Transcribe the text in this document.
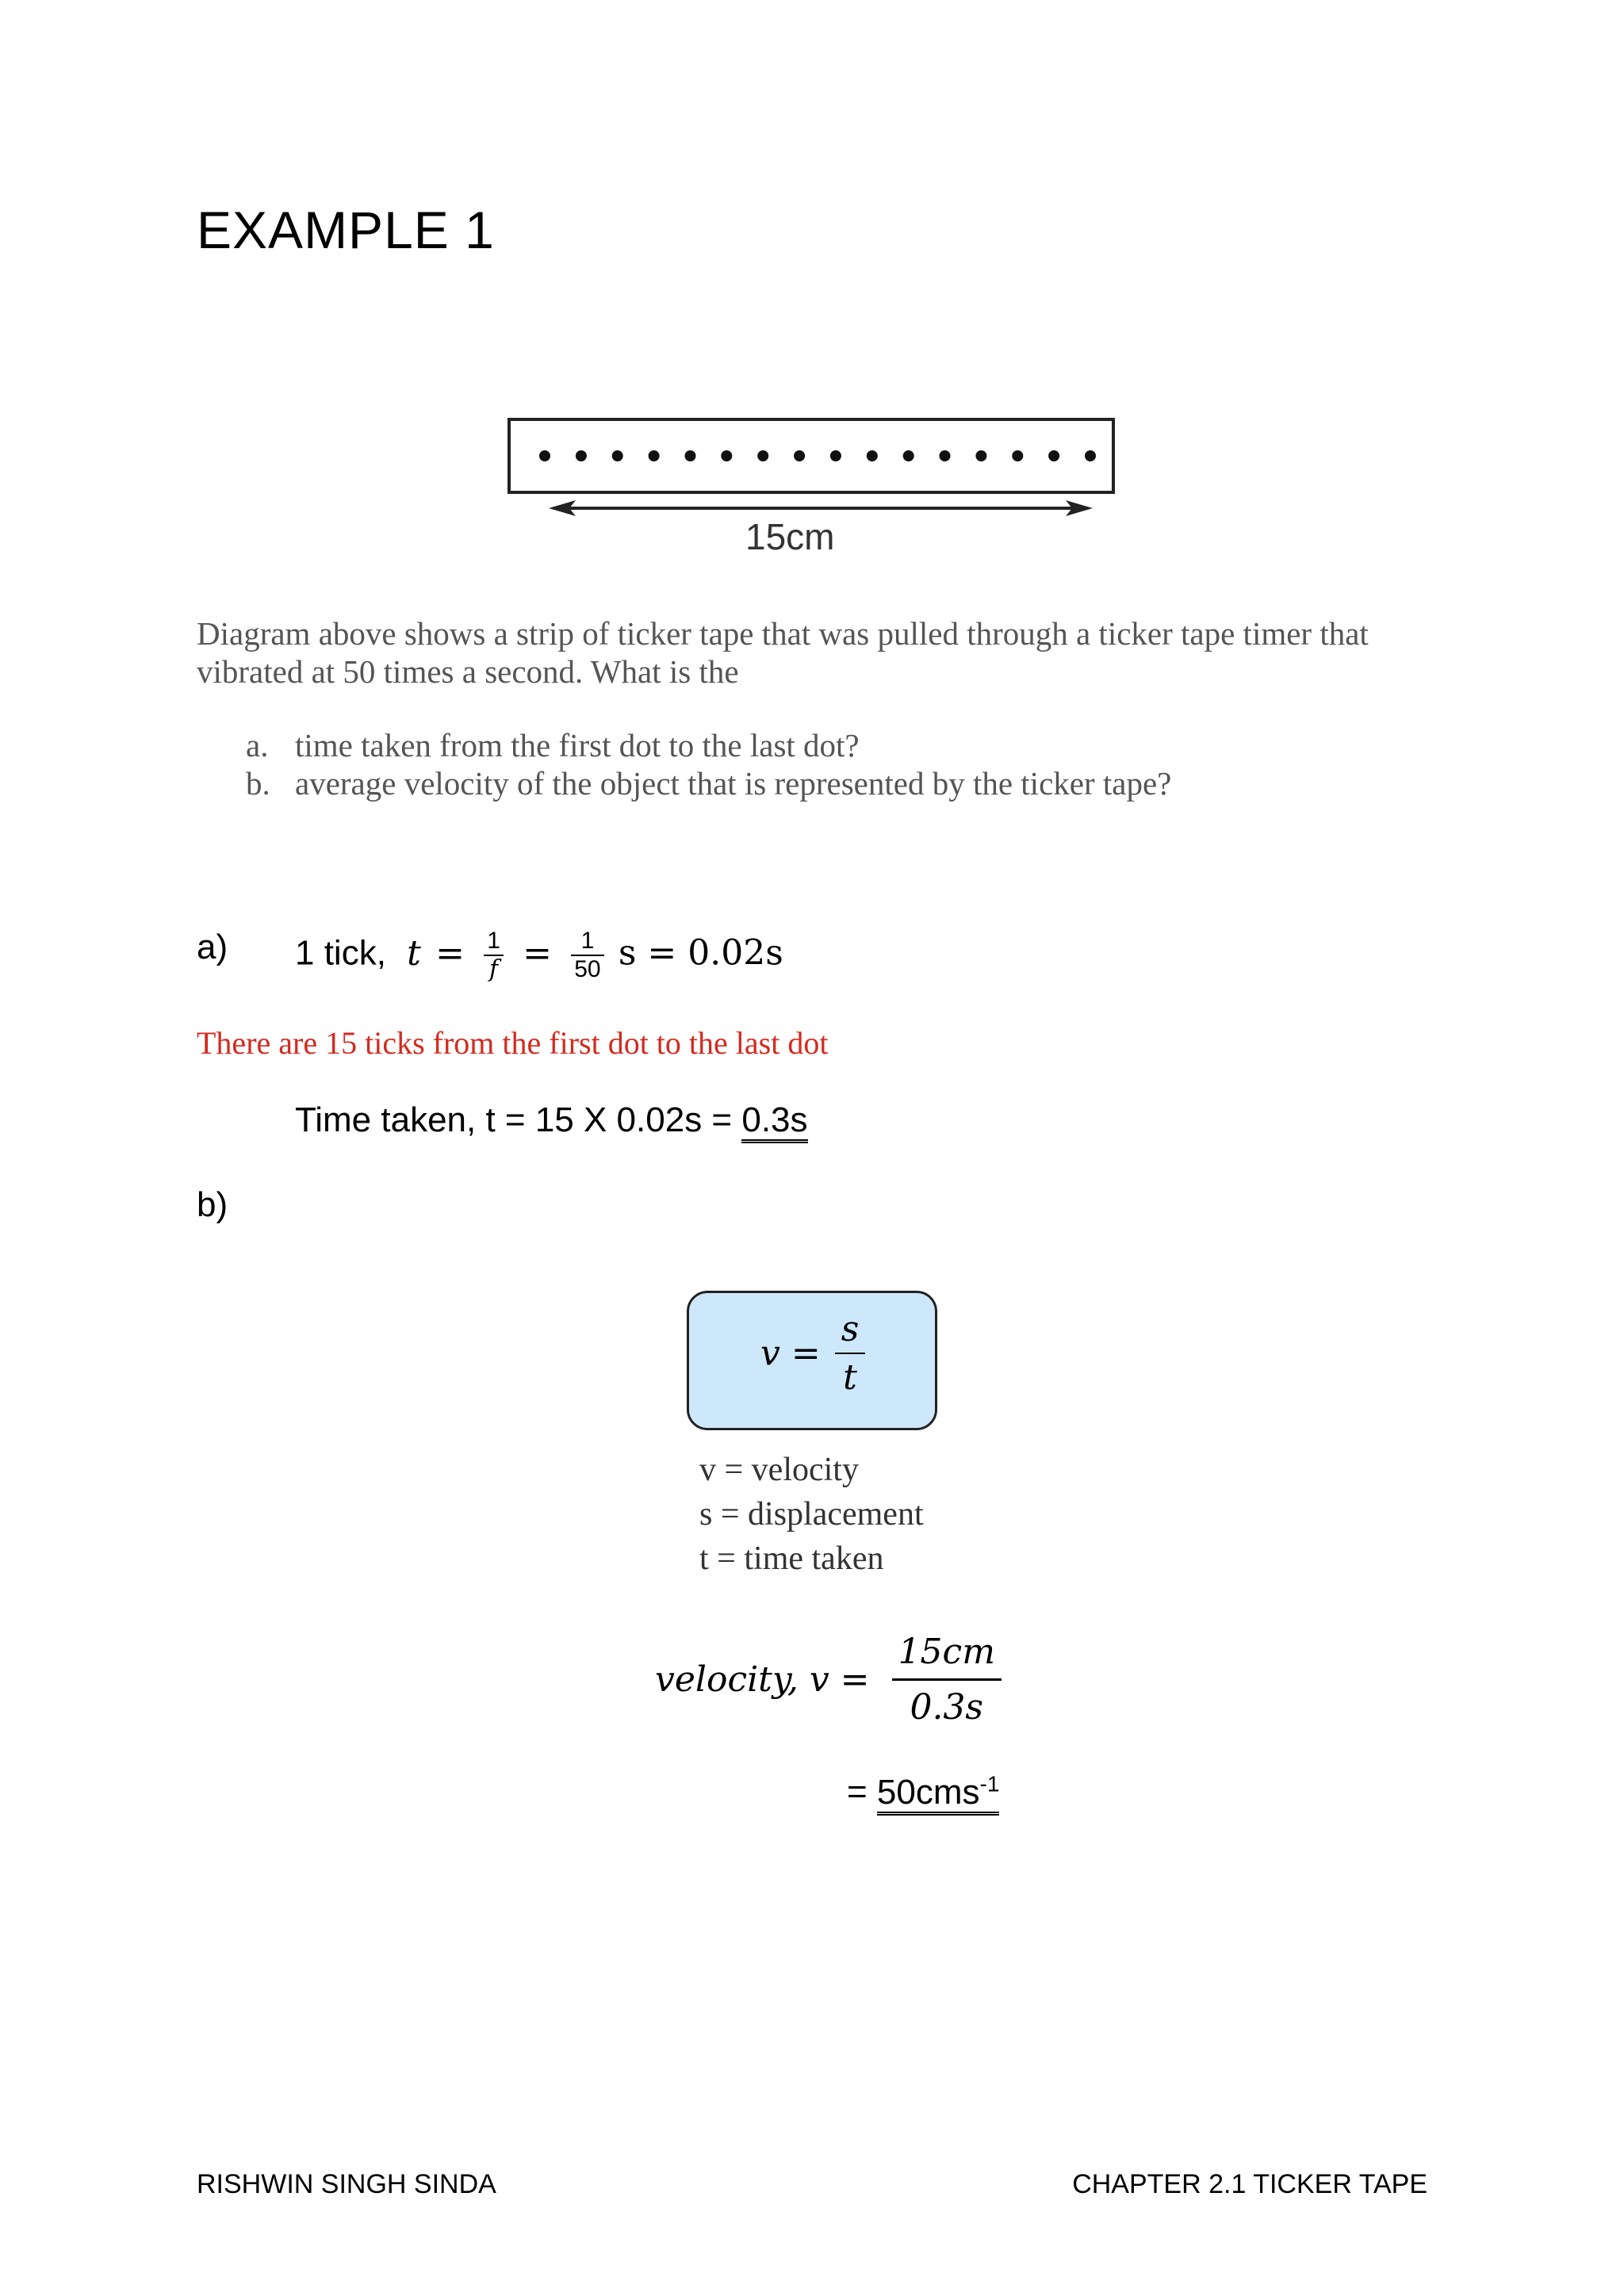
EXAMPLE 1
15cm
Diagram above shows a strip of ticker tape that was pulled through a ticker tape timer that vibrated at 50 times a second. What is the
a. time taken from the first dot to the last dot?
b. average velocity of the object that is represented by the ticker tape?
a) 1 tick, $t = \frac{1}{f} = \frac{1}{50}$ s = 0.02s
There are 15 ticks from the first dot to the last dot
Time taken, t = 15 X 0.02s = 0.3s
b)
$v = \frac{s}{t}$
v = velocity
s = displacement
t = time taken
velocity, $v = \frac{15cm}{0.3s}$
= 50cms$^{-1}$
RISHWIN SINGH SINDA	CHAPTER 2.1 TICKER TAPE
